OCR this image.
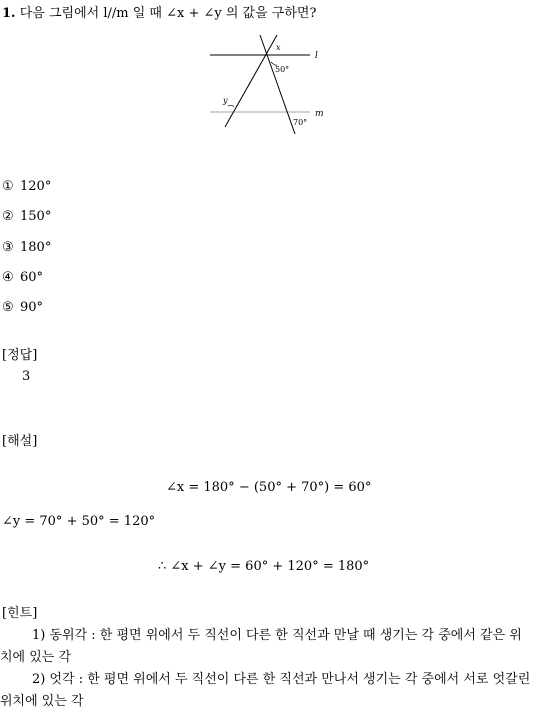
1. 다음 그림에서 l//m 일 때 ∠x + ∠y 의 값을 구하면?
l
m
x
y
50°
70°
① 120°
② 150°
③ 180°
④ 60°
⑤ 90°
[정답]
3
[해설]
∠x = 180° − (50° + 70°) = 60°
∠y = 70° + 50° = 120°
∴ ∠x + ∠y = 60° + 120° = 180°
[힌트]
1) 동위각 : 한 평면 위에서 두 직선이 다른 한 직선과 만날 때 생기는 각 중에서 같은 위치에 있는 각
2) 엇각 : 한 평면 위에서 두 직선이 다른 한 직선과 만나서 생기는 각 중에서 서로 엇갈린 위치에 있는 각
